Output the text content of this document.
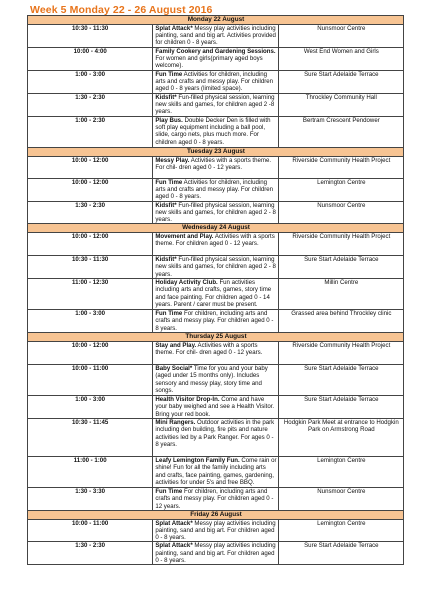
Week 5 Monday 22 - 26 August 2016
Monday 22 August		
10:30 - 11:30	Splat Attack* Messy play activities including painting, sand and big art. Activities provided for children 0 - 8 years.	Nunsmoor Centre
10:00 - 4:00	Family Cookery and Gardening Sessions. For women and girls(primary aged boys welcome).	West End Women and Girls
1:00 - 3:00	Fun Time Activities for children, including arts and crafts and messy play. For children aged 0 - 8 years (limited space).	Sure Start Adelaide Terrace
1:30 - 2:30	Kidsfit* Fun-filled physical session, learning new skills and games, for children aged 2 -8 years.	Throckley Community Hall
1:00 - 2:30	Play Bus. Double Decker Den is filled with soft play equipment including a ball pool, slide, cargo nets, plus much more. For children aged 0 - 8 years.	Bertram Crescent Pendower
Tuesday 23 August		
10:00 - 12:00	Messy Play. Activities with a sports theme. For chil- dren aged 0 - 12 years.	Riverside Community Health Project
10:00 - 12:00	Fun Time Activities for children, including arts and crafts and messy play. For children aged 0 - 8 years.	Lemington Centre
1:30 - 2:30	Kidsfit* Fun-filled physical session, learning new skills and games, for children aged 2 - 8 years.	Nunsmoor Centre
Wednesday 24 August		
10:00 - 12:00	Movement and Play. Activities with a sports theme. For children aged 0 - 12 years.	Riverside Community Health Project
10:30 - 11:30	Kidsfit* Fun-filled physical session, learning new skills and games, for children aged 2 - 8 years.	Sure Start Adelaide Terrace
11:00 - 12:30	Holiday Activity Club. Fun activities including arts and crafts, games, story time and face painting. For children aged 0 - 14 years. Parent / carer must be present.	Millin Centre
1:00 - 3:00	Fun Time For children, including arts and crafts and messy play. For children aged 0 - 8 years.	Grassed area behind Throckley clinic
Thursday 25 August		
10:00 - 12:00	Stay and Play. Activities with a sports theme. For chil- dren aged 0 - 12 years.	Riverside Community Health Project
10:00 - 11:00	Baby Social* Time for you and your baby (aged under 15 months only). Includes sensory and messy play, story time and songs.	Sure Start Adelaide Terrace
1:00 - 3:00	Health Visitor Drop-In. Come and have your baby weighed and see a Health Visitor. Bring your red book.	Sure Start Adelaide Terrace
10:30 - 11:45	Mini Rangers. Outdoor activities in the park including den building, fire pits and nature activities led by a Park Ranger. For ages 0 - 8 years.	Hodgkin Park Meet at entrance to Hodgkin Park on Armstrong Road
11:00 - 1:00	Leafy Lemington Family Fun. Come rain or shine! Fun for all the family including arts and crafts, face painting, games, gardening, activities for under 5's and free BBQ.	Lemington Centre
1:30 - 3:30	Fun Time For children, including arts and crafts and messy play. For children aged 0 - 12 years.	Nunsmoor Centre
Friday 26 August		
10:00 - 11:00	Splat Attack* Messy play activities including painting, sand and big art. For children aged 0 - 8 years.	Lemington Centre
1:30 - 2:30	Splat Attack* Messy play activities including painting, sand and big art. For children aged 0 - 8 years.	Sure Start Adelaide Terrace
